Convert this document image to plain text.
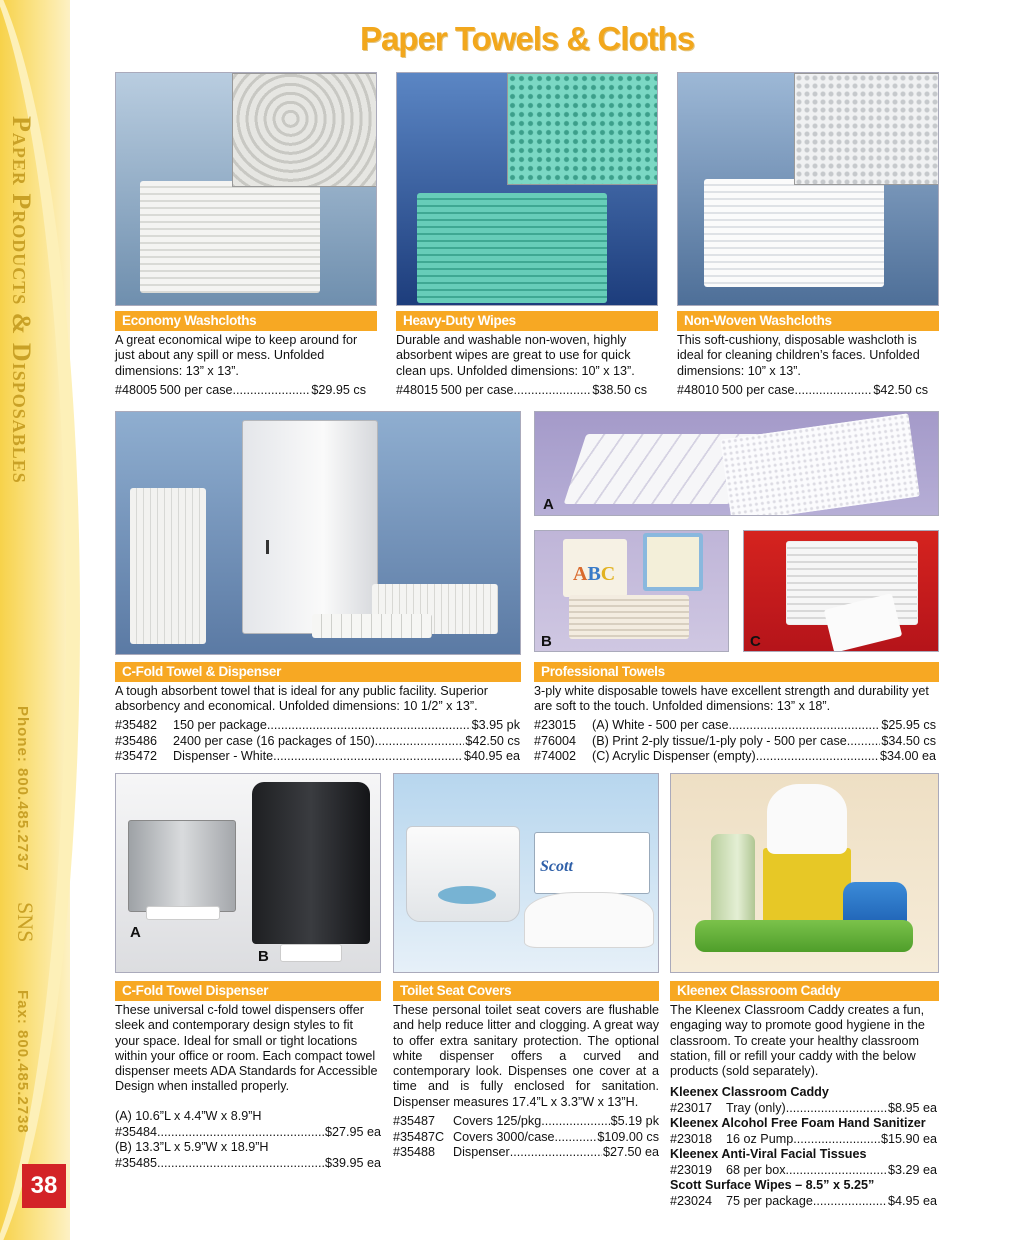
Paper Products & Disposables
Phone: 800.485.2737
SNS
Fax: 800.485.2738
38
Paper Towels & Cloths
Economy Washcloths
A great economical wipe to keep around for just about any spill or mess. Unfolded dimensions: 13” x 13”.
#48005 500 per case .....	$29.95 cs
Heavy-Duty Wipes
Durable and washable non-woven, highly absorbent wipes are great to use for quick clean ups. Unfolded dimensions: 10” x 13”.
#48015 500 per case .....	$38.50 cs
Non-Woven Washcloths
This soft-cushiony, disposable washcloth is ideal for cleaning children’s faces. Unfolded dimensions: 10” x 13”.
#48010 500 per case .....	$42.50 cs
A
ABC
B	C
C-Fold Towel & Dispenser
A tough absorbent towel that is ideal for any public facility. Superior absorbency and economical. Unfolded dimensions: 10 1/2” x 13”.
#35482	150 per package .....	$3.95 pk
#35486	2400 per case (16 packages of 150) .....	$42.50 cs
#35472	Dispenser - White .....	$40.95 ea
Professional Towels
3-ply white disposable towels have excellent strength and durability yet are soft to the touch. Unfolded dimensions: 13” x 18”.
#23015	(A) White - 500 per case .....	$25.95 cs
#76004	(B) Print 2-ply tissue/1-ply poly - 500 per case .....	$34.50 cs
#74002	(C) Acrylic Dispenser (empty) .....	$34.00 ea
A
B
Scott
C-Fold Towel Dispenser
These universal c-fold towel dispensers offer sleek and contemporary design styles to fit your space. Ideal for small or tight locations within your office or room. Each compact towel dispenser meets ADA Standards for Accessible Design when installed properly.
(A) 10.6”L x 4.4”W x 8.9”H
#35484 .....	$27.95 ea
(B) 13.3”L x 5.9”W x 18.9”H
#35485 .....	$39.95 ea
Toilet Seat Covers
These personal toilet seat covers are flushable and help reduce litter and clogging. A great way to offer extra sanitary protection. The optional white dispenser offers a curved and contemporary look. Dispenses one cover at a time and is fully enclosed for sanitation. Dispenser measures 17.4”L x 3.3”W x 13”H.
#35487	Covers 125/pkg .....	$5.19 pk
#35487C Covers 3000/case .....	$109.00 cs
#35488	Dispenser .....	$27.50 ea
Kleenex Classroom Caddy
The Kleenex Classroom Caddy creates a fun, engaging way to promote good hygiene in the classroom. To create your healthy classroom station, fill or refill your caddy with the below products (sold separately).
Kleenex Classroom Caddy
#23017	Tray (only) .....	$8.95 ea
Kleenex Alcohol Free Foam Hand Sanitizer
#23018	16 oz Pump .....	$15.90 ea
Kleenex Anti-Viral Facial Tissues
#23019	68 per box .....	$3.29 ea
Scott Surface Wipes – 8.5” x 5.25”
#23024	75 per package .....	$4.95 ea
